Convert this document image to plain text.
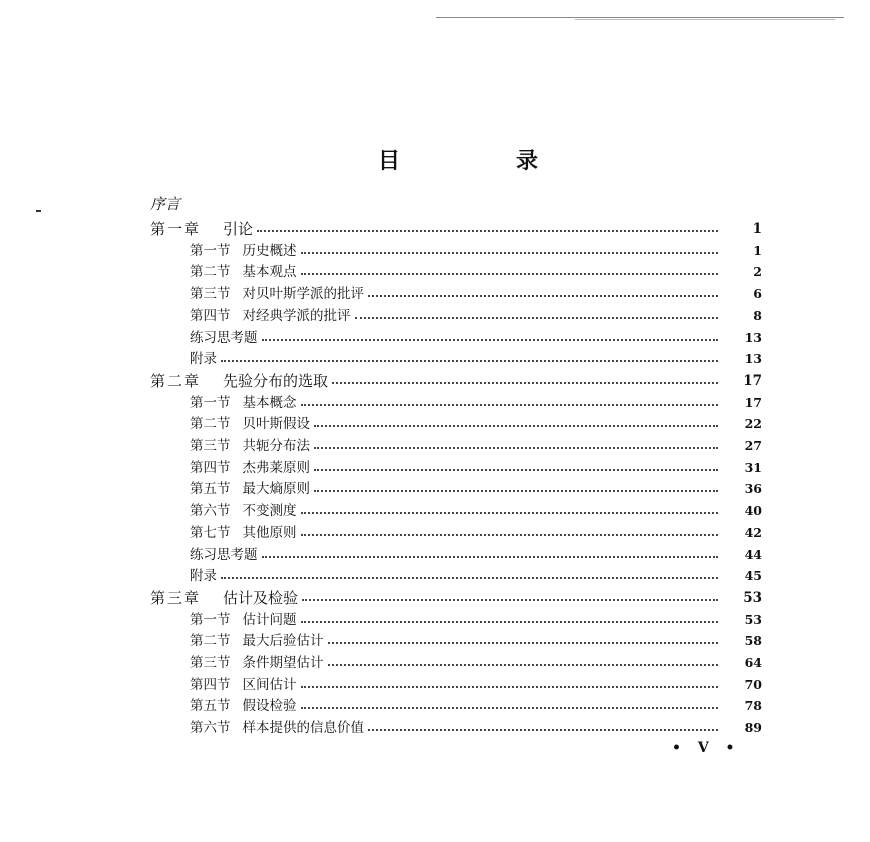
目	录
序言
第一章 引论	1
第一节 历史概述	1
第二节 基本观点	2
第三节 对贝叶斯学派的批评	6
第四节 对经典学派的批评	8
练习思考题	13
附录	13
第二章 先验分布的选取	17
第一节 基本概念	17
第二节 贝叶斯假设	22
第三节 共轭分布法	27
第四节 杰弗莱原则	31
第五节 最大熵原则	36
第六节 不变测度	40
第七节 其他原则	42
练习思考题	44
附录	45
第三章 估计及检验	53
第一节 估计问题	53
第二节 最大后验估计	58
第三节 条件期望估计	64
第四节 区间估计	70
第五节 假设检验	78
第六节 样本提供的信息价值	89
• V •
